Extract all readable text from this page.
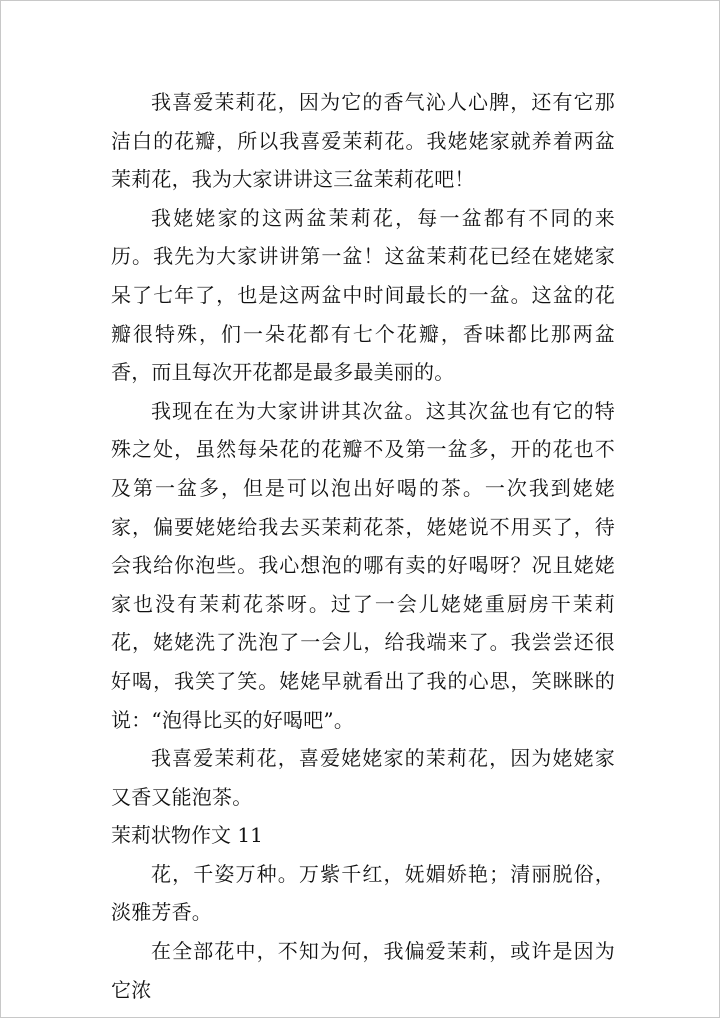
我喜爱茉莉花，因为它的香气沁人心脾，还有它那洁白的花瓣，所以我喜爱茉莉花。我姥姥家就养着两盆茉莉花，我为大家讲讲这三盆茉莉花吧！

我姥姥家的这两盆茉莉花，每一盆都有不同的来历。我先为大家讲讲第一盆！这盆茉莉花已经在姥姥家呆了七年了，也是这两盆中时间最长的一盆。这盆的花瓣很特殊，们一朵花都有七个花瓣，香味都比那两盆香，而且每次开花都是最多最美丽的。

我现在在为大家讲讲其次盆。这其次盆也有它的特殊之处，虽然每朵花的花瓣不及第一盆多，开的花也不及第一盆多，但是可以泡出好喝的茶。一次我到姥姥家，偏要姥姥给我去买茉莉花茶，姥姥说不用买了，待会我给你泡些。我心想泡的哪有卖的好喝呀？况且姥姥家也没有茉莉花茶呀。过了一会儿姥姥重厨房干茉莉花，姥姥洗了洗泡了一会儿，给我端来了。我尝尝还很好喝，我笑了笑。姥姥早就看出了我的心思，笑眯眯的说：“泡得比买的好喝吧”。

我喜爱茉莉花，喜爱姥姥家的茉莉花，因为姥姥家又香又能泡茶。

茉莉状物作文 11

花，千姿万种。万紫千红，妩媚娇艳；清丽脱俗，淡雅芳香。

在全部花中，不知为何，我偏爱茉莉，或许是因为它浓
